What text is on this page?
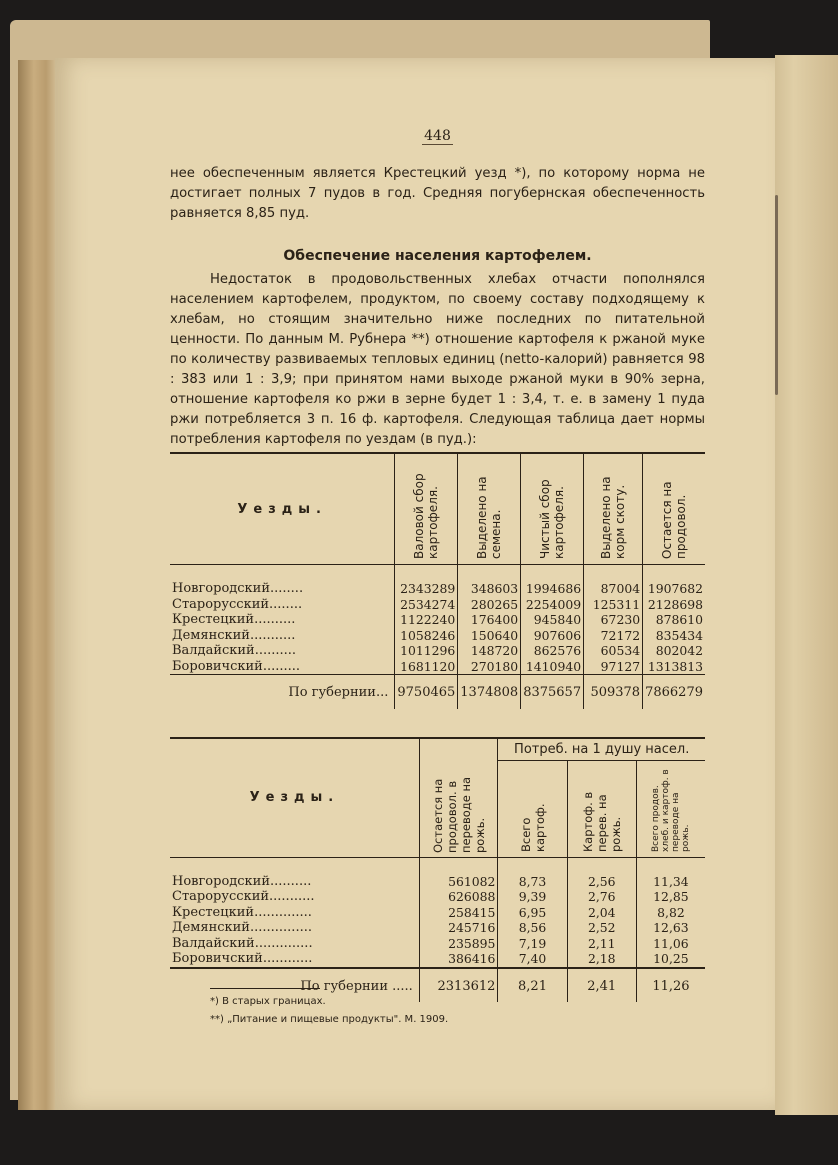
448

нее обеспеченным является Крестецкий уезд *), по которому норма не достигает полных 7 пудов в год. Средняя погубернская обеспеченность равняется 8,85 пуд.

Обеспечение населения картофелем.

Недостаток в продовольственных хлебах отчасти пополнялся населением картофелем, продуктом, по своему составу подходящему к хлебам, но стоящим значительно ниже последних по питательной ценности. По данным М. Рубнера **) отношение картофеля к ржаной муке по количеству развиваемых тепловых единиц (netto-калорий) равняется 98 : 383 или 1 : 3,9; при принятом нами выходе ржаной муки в 90% зерна, отношение картофеля ко ржи в зерне будет 1 : 3,4, т. е. в замену 1 пуда ржи потребляется 3 п. 16 ф. картофеля. Следующая таблица дает нормы потребления картофеля по уездам (в пуд.):

Уезды.	Валовой сбор картофеля.	Выделено на семена.	Чистый сбор картофеля.	Выделено на корм скоту.	Остается на продовол.

Новгородский........	2343289	348603	1994686	87004	1907682
Старорусский........	2534274	280265	2254009	125311	2128698
Крестецкий..........	1122240	176400	945840	67230	878610
Демянский...........	1058246	150640	907606	72172	835434
Валдайский..........	1011296	148720	862576	60534	802042
Боровичский.........	1681120	270180	1410940	97127	1313813
По губернии...	9750465	1374808	8375657	509378	7866279
Уезды.	Остается на продовол. в переводе на рожь.	Потреб. на 1 душу насел.		

		Всего картоф.	Картоф. в перев. на рожь.	Всего продов. хлеб. и картоф. в переводе на рожь.

Новгородский..........	561082	8,73	2,56	11,34
Старорусский...........	626088	9,39	2,76	12,85
Крестецкий..............	258415	6,95	2,04	8,82
Демянский...............	245716	8,56	2,52	12,63
Валдайский..............	235895	7,19	2,11	11,06
Боровичский............	386416	7,40	2,18	10,25
По губернии .....	2313612	8,21	2,41	11,26
*) В старых границах.
**) „Питание и пищевые продукты". М. 1909.
